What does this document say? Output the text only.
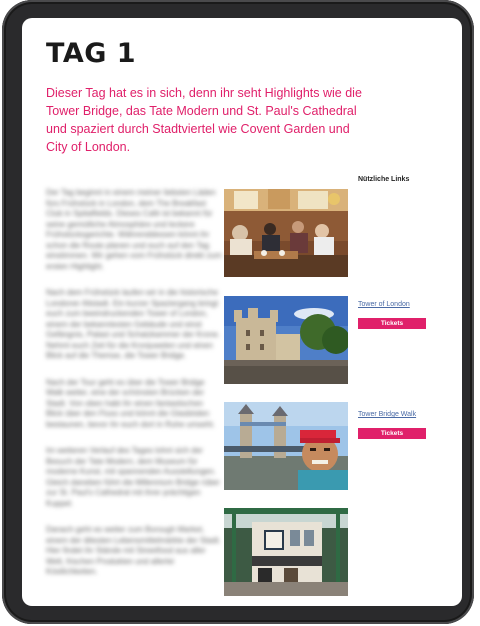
TAG 1

Dieser Tag hat es in sich, denn ihr seht Highlights wie die Tower Bridge, das Tate Modern und St. Paul's Cathedral und spaziert durch Stadtviertel wie Covent Garden und City of London.

Der Tag beginnt in einem meiner liebsten Läden fürs Frühstück in London, dem The Breakfast Club in Spitalfields. Dieses Café ist bekannt für seine gemütliche Atmosphäre und leckere Frühstücksgerichte. Währenddessen könnt ihr schon die Route planen und euch auf den Tag einstimmen. Wir gehen vom Frühstück direkt zum ersten Highlight.

Nach dem Frühstück laufen wir in die historische Londoner Altstadt. Ein kurzer Spaziergang bringt euch zum beeindruckenden Tower of London, einem der bekanntesten Gebäude und einst Gefängnis, Palast und Schatzkammer der Krone. Nehmt euch Zeit für die Kronjuwelen und einen Blick auf die Themse, die Tower Bridge.

Nach der Tour geht es über die Tower Bridge Walk weiter, eine der schönsten Brücken der Stadt. Von oben habt ihr einen fantastischen Blick über den Fluss und könnt die Glasböden bestaunen, bevor ihr euch dort in Ruhe umseht.

Im weiteren Verlauf des Tages lohnt sich der Besuch der Tate Modern, dem Museum für moderne Kunst, mit spannenden Ausstellungen. Gleich daneben führt die Millennium Bridge rüber zur St. Paul's Cathedral mit ihrer prächtigen Kuppel.

Danach geht es weiter zum Borough Market, einem der ältesten Lebensmittelmärkte der Stadt. Hier findet ihr Stände mit Streetfood aus aller Welt, frischen Produkten und allerlei Köstlichkeiten.

Nützliche Links
Tower of London
Tickets
Tower Bridge Walk
Tickets
